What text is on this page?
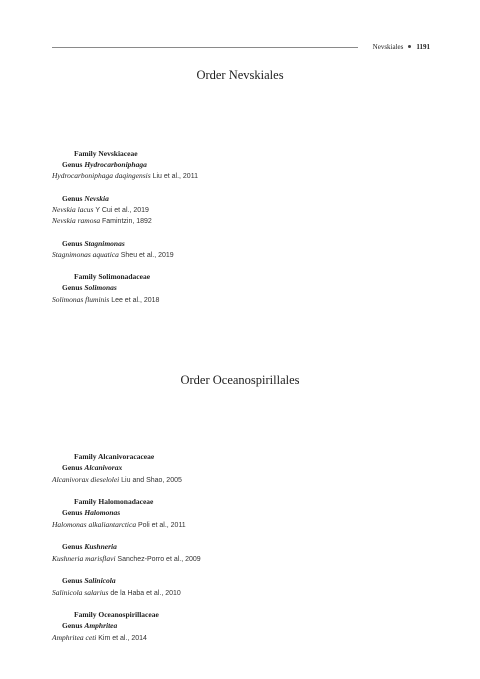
Nevskiales 1191
Order Nevskiales
Family Nevskiaceae
Genus Hydrocarboniphaga
Hydrocarboniphaga daqingensis Liu et al., 2011
Genus Nevskia
Nevskia lacus Y Cui et al., 2019
Nevskia ramosa Famintzin, 1892
Genus Stagnimonas
Stagnimonas aquatica Sheu et al., 2019
Family Solimonadaceae
Genus Solimonas
Solimonas fluminis Lee et al., 2018
Order Oceanospirillales
Family Alcanivoracaceae
Genus Alcanivorax
Alcanivorax dieselolei Liu and Shao, 2005
Family Halomonadaceae
Genus Halomonas
Halomonas alkaliantarctica Poli et al., 2011
Genus Kushneria
Kushneria marisflavi Sanchez-Porro et al., 2009
Genus Salinicola
Salinicola salarius de la Haba et al., 2010
Family Oceanospirillaceae
Genus Amphritea
Amphritea ceti Kim et al., 2014
